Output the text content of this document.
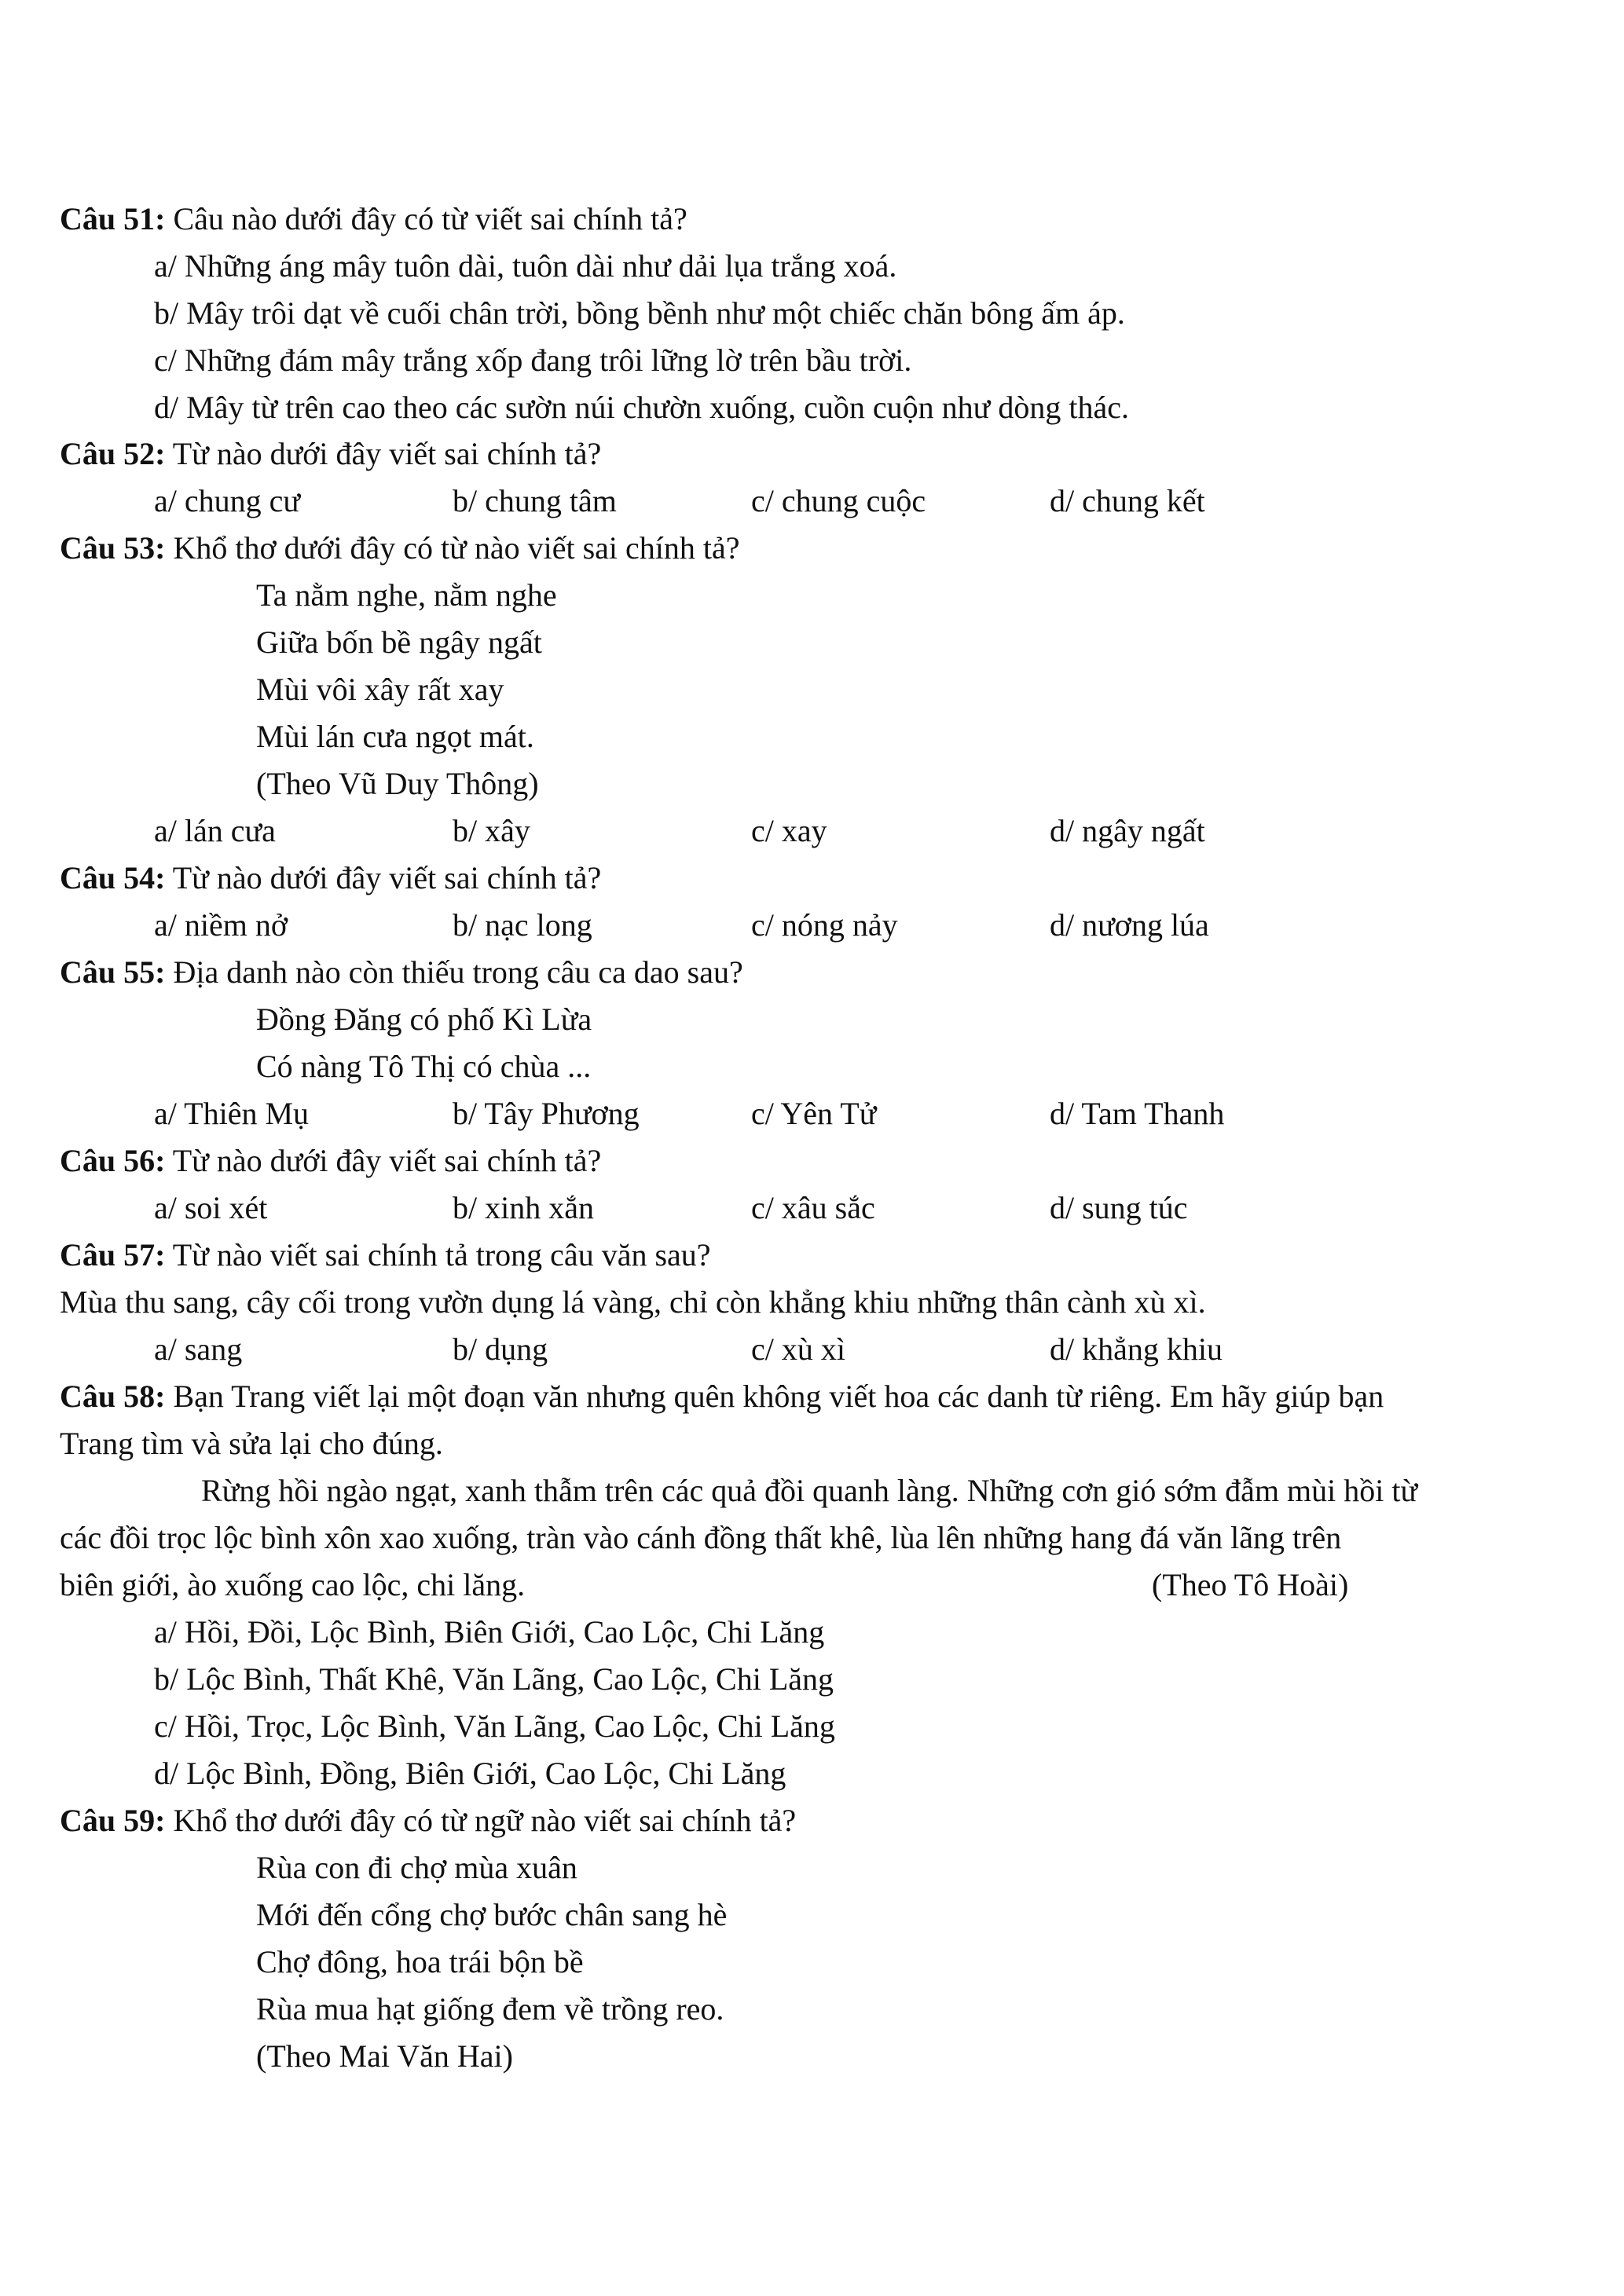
Câu 51: Câu nào dưới đây có từ viết sai chính tả?
a/ Những áng mây tuôn dài, tuôn dài như dải lụa trắng xoá.
b/ Mây trôi dạt về cuối chân trời, bồng bềnh như một chiếc chăn bông ấm áp.
c/ Những đám mây trắng xốp đang trôi lững lờ trên bầu trời.
d/ Mây từ trên cao theo các sườn núi chườn xuống, cuồn cuộn như dòng thác.
Câu 52: Từ nào dưới đây viết sai chính tả?
a/ chung cư	b/ chung tâm	c/ chung cuộc	d/ chung kết
Câu 53: Khổ thơ dưới đây có từ nào viết sai chính tả?
Ta nằm nghe, nằm nghe
Giữa bốn bề ngây ngất
Mùi vôi xây rất xay
Mùi lán cưa ngọt mát.
(Theo Vũ Duy Thông)
a/ lán cưa	b/ xây	c/ xay	d/ ngây ngất
Câu 54: Từ nào dưới đây viết sai chính tả?
a/ niềm nở	b/ nạc long	c/ nóng nảy	d/ nương lúa
Câu 55: Địa danh nào còn thiếu trong câu ca dao sau?
Đồng Đăng có phố Kì Lừa
Có nàng Tô Thị có chùa ...
a/ Thiên Mụ	b/ Tây Phương	c/ Yên Tử	d/ Tam Thanh
Câu 56: Từ nào dưới đây viết sai chính tả?
a/ soi xét	b/ xinh xắn	c/ xâu sắc	d/ sung túc
Câu 57: Từ nào viết sai chính tả trong câu văn sau?
Mùa thu sang, cây cối trong vườn dụng lá vàng, chỉ còn khẳng khiu những thân cành xù xì.
a/ sang	b/ dụng	c/ xù xì	d/ khẳng khiu
Câu 58: Bạn Trang viết lại một đoạn văn nhưng quên không viết hoa các danh từ riêng. Em hãy giúp bạn
Trang tìm và sửa lại cho đúng.
Rừng hồi ngào ngạt, xanh thẫm trên các quả đồi quanh làng. Những cơn gió sớm đẫm mùi hồi từ
các đồi trọc lộc bình xôn xao xuống, tràn vào cánh đồng thất khê, lùa lên những hang đá văn lãng trên
biên giới, ào xuống cao lộc, chi lăng.	(Theo Tô Hoài)
a/ Hồi, Đồi, Lộc Bình, Biên Giới, Cao Lộc, Chi Lăng
b/ Lộc Bình, Thất Khê, Văn Lãng, Cao Lộc, Chi Lăng
c/ Hồi, Trọc, Lộc Bình, Văn Lãng, Cao Lộc, Chi Lăng
d/ Lộc Bình, Đồng, Biên Giới, Cao Lộc, Chi Lăng
Câu 59: Khổ thơ dưới đây có từ ngữ nào viết sai chính tả?
Rùa con đi chợ mùa xuân
Mới đến cổng chợ bước chân sang hè
Chợ đông, hoa trái bộn bề
Rùa mua hạt giống đem về trồng reo.
(Theo Mai Văn Hai)
